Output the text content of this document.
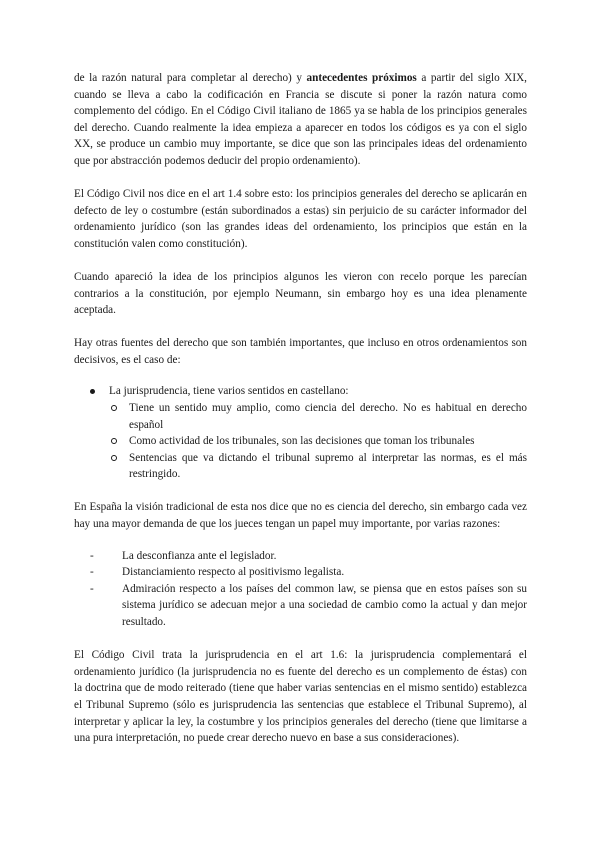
de la razón natural para completar al derecho) y antecedentes próximos a partir del siglo XIX, cuando se lleva a cabo la codificación en Francia se discute si poner la razón natura como complemento del código. En el Código Civil italiano de 1865 ya se habla de los principios generales del derecho. Cuando realmente la idea empieza a aparecer en todos los códigos es ya con el siglo XX, se produce un cambio muy importante, se dice que son las principales ideas del ordenamiento que por abstracción podemos deducir del propio ordenamiento).

El Código Civil nos dice en el art 1.4 sobre esto: los principios generales del derecho se aplicarán en defecto de ley o costumbre (están subordinados a estas) sin perjuicio de su carácter informador del ordenamiento jurídico (son las grandes ideas del ordenamiento, los principios que están en la constitución valen como constitución).

Cuando apareció la idea de los principios algunos les vieron con recelo porque les parecían contrarios a la constitución, por ejemplo Neumann, sin embargo hoy es una idea plenamente aceptada.

Hay otras fuentes del derecho que son también importantes, que incluso en otros ordenamientos son decisivos, es el caso de:

La jurisprudencia, tiene varios sentidos en castellano:
Tiene un sentido muy amplio, como ciencia del derecho. No es habitual en derecho español
Como actividad de los tribunales, son las decisiones que toman los tribunales
Sentencias que va dictando el tribunal supremo al interpretar las normas, es el más restringido.

En España la visión tradicional de esta nos dice que no es ciencia del derecho, sin embargo cada vez hay una mayor demanda de que los jueces tengan un papel muy importante, por varias razones:

- La desconfianza ante el legislador.
- Distanciamiento respecto al positivismo legalista.
- Admiración respecto a los países del common law, se piensa que en estos países son su sistema jurídico se adecuan mejor a una sociedad de cambio como la actual y dan mejor resultado.

El Código Civil trata la jurisprudencia en el art 1.6: la jurisprudencia complementará el ordenamiento jurídico (la jurisprudencia no es fuente del derecho es un complemento de éstas) con la doctrina que de modo reiterado (tiene que haber varias sentencias en el mismo sentido) establezca el Tribunal Supremo (sólo es jurisprudencia las sentencias que establece el Tribunal Supremo), al interpretar y aplicar la ley, la costumbre y los principios generales del derecho (tiene que limitarse a una pura interpretación, no puede crear derecho nuevo en base a sus consideraciones).
